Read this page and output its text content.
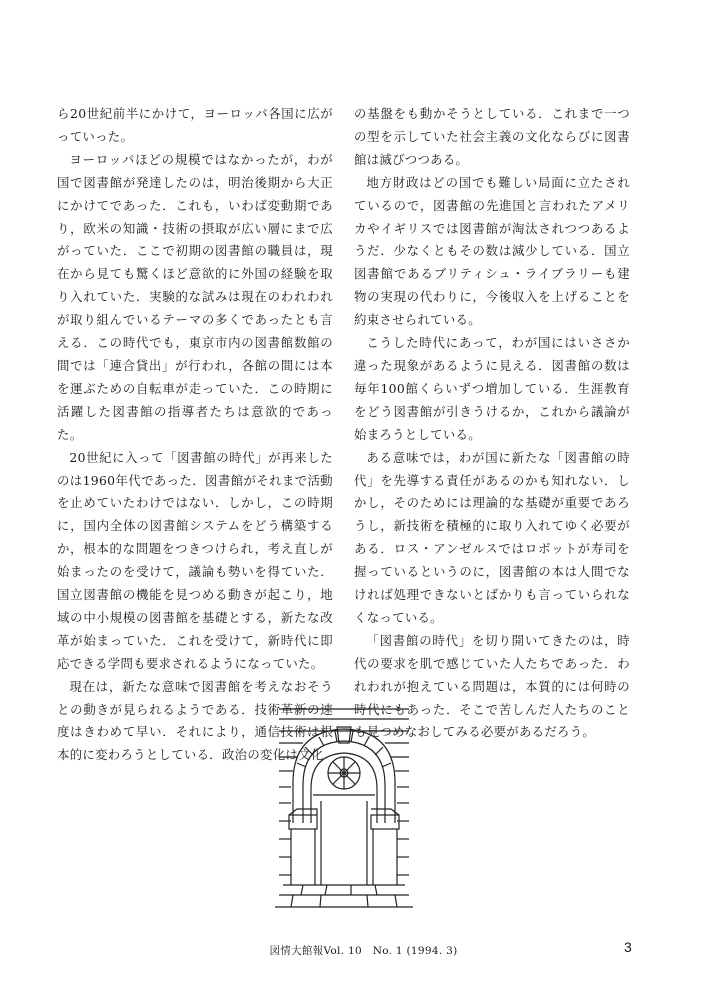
ら20世紀前半にかけて，ヨーロッパ各国に広がっていった。

ヨーロッパほどの規模ではなかったが，わが国で図書館が発達したのは，明治後期から大正にかけてであった．これも，いわば変動期であり，欧米の知識・技術の摂取が広い層にまで広がっていた．ここで初期の図書館の職員は，現在から見ても驚くほど意欲的に外国の経験を取り入れていた．実験的な試みは現在のわれわれが取り組んでいるテーマの多くであったとも言える．この時代でも，東京市内の図書館数館の間では「連合貸出」が行われ，各館の間には本を運ぶための自転車が走っていた．この時期に活躍した図書館の指導者たちは意欲的であった。

20世紀に入って「図書館の時代」が再来したのは1960年代であった．図書館がそれまで活動を止めていたわけではない．しかし，この時期に，国内全体の図書館システムをどう構築するか，根本的な問題をつきつけられ，考え直しが始まったのを受けて，議論も勢いを得ていた．国立図書館の機能を見つめる動きが起こり，地域の中小規模の図書館を基礎とする，新たな改革が始まっていた．これを受けて，新時代に即応できる学問も要求されるようになっていた。

現在は，新たな意味で図書館を考えなおそうとの動きが見られるようである．技術革新の速度はきわめて早い．それにより，通信技術は根本的に変わろうとしている．政治の変化は文化

の基盤をも動かそうとしている．これまで一つの型を示していた社会主義の文化ならびに図書館は滅びつつある。

地方財政はどの国でも難しい局面に立たされているので，図書館の先進国と言われたアメリカやイギリスでは図書館が淘汰されつつあるようだ．少なくともその数は減少している．国立図書館であるブリティシュ・ライブラリーも建物の実現の代わりに，今後収入を上げることを約束させられている。

こうした時代にあって，わが国にはいささか違った現象があるように見える．図書館の数は毎年100館くらいずつ増加している．生涯教育をどう図書館が引きうけるか，これから議論が始まろうとしている。

ある意味では，わが国に新たな「図書館の時代」を先導する責任があるのかも知れない．しかし，そのためには理論的な基礎が重要であろうし，新技術を積極的に取り入れてゆく必要がある．ロス・アンゼルスではロボットが寿司を握っているというのに，図書館の本は人間でなければ処理できないとばかりも言っていられなくなっている。

「図書館の時代」を切り開いてきたのは，時代の要求を肌で感じていた人たちであった．われわれが抱えている問題は，本質的には何時の時代にもあった．そこで苦しんだ人たちのことも見つめなおしてみる必要があるだろう。

図情大館報Vol. 10　No. 1 (1994. 3)	3
